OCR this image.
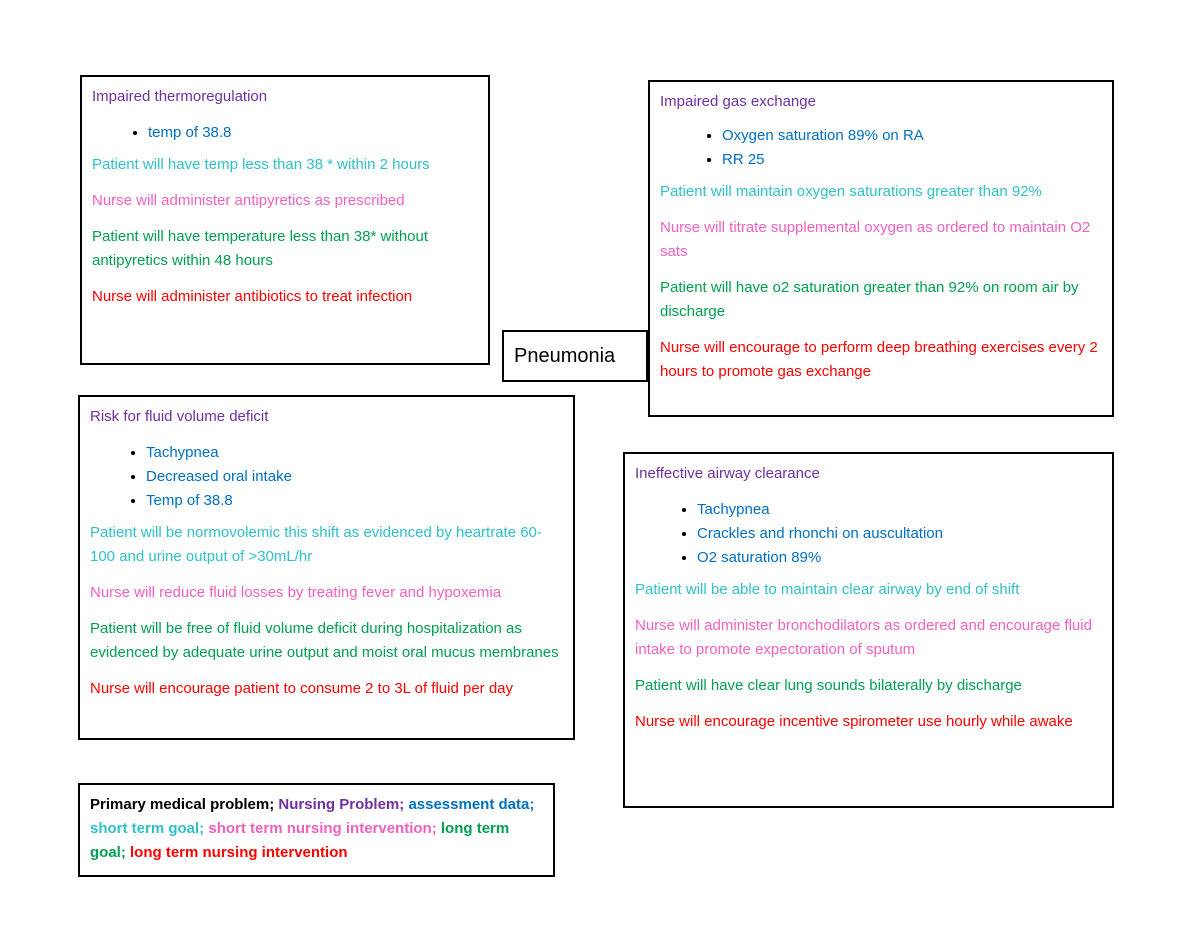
Impaired thermoregulation

• temp of 38.8

Patient will have temp less than 38 * within 2 hours

Nurse will administer antipyretics as prescribed

Patient will have temperature less than 38* without antipyretics within 48 hours

Nurse will administer antibiotics to treat infection

Impaired gas exchange

• Oxygen saturation 89% on RA
• RR 25

Patient will maintain oxygen saturations greater than 92%

Nurse will titrate supplemental oxygen as ordered to maintain O2 sats

Patient will have o2 saturation greater than 92% on room air by discharge

Nurse will encourage to perform deep breathing exercises every 2 hours to promote gas exchange

Pneumonia

Risk for fluid volume deficit

• Tachypnea
• Decreased oral intake
• Temp of 38.8

Patient will be normovolemic this shift as evidenced by heartrate 60-100 and urine output of >30mL/hr

Nurse will reduce fluid losses by treating fever and hypoxemia

Patient will be free of fluid volume deficit during hospitalization as evidenced by adequate urine output and moist oral mucus membranes

Nurse will encourage patient to consume 2 to 3L of fluid per day

Ineffective airway clearance

• Tachypnea
• Crackles and rhonchi on auscultation
• O2 saturation 89%

Patient will be able to maintain clear airway by end of shift

Nurse will administer bronchodilators as ordered and encourage fluid intake to promote expectoration of sputum

Patient will have clear lung sounds bilaterally by discharge

Nurse will encourage incentive spirometer use hourly while awake

Primary medical problem; Nursing Problem; assessment data; short term goal; short term nursing intervention; long term goal; long term nursing intervention
